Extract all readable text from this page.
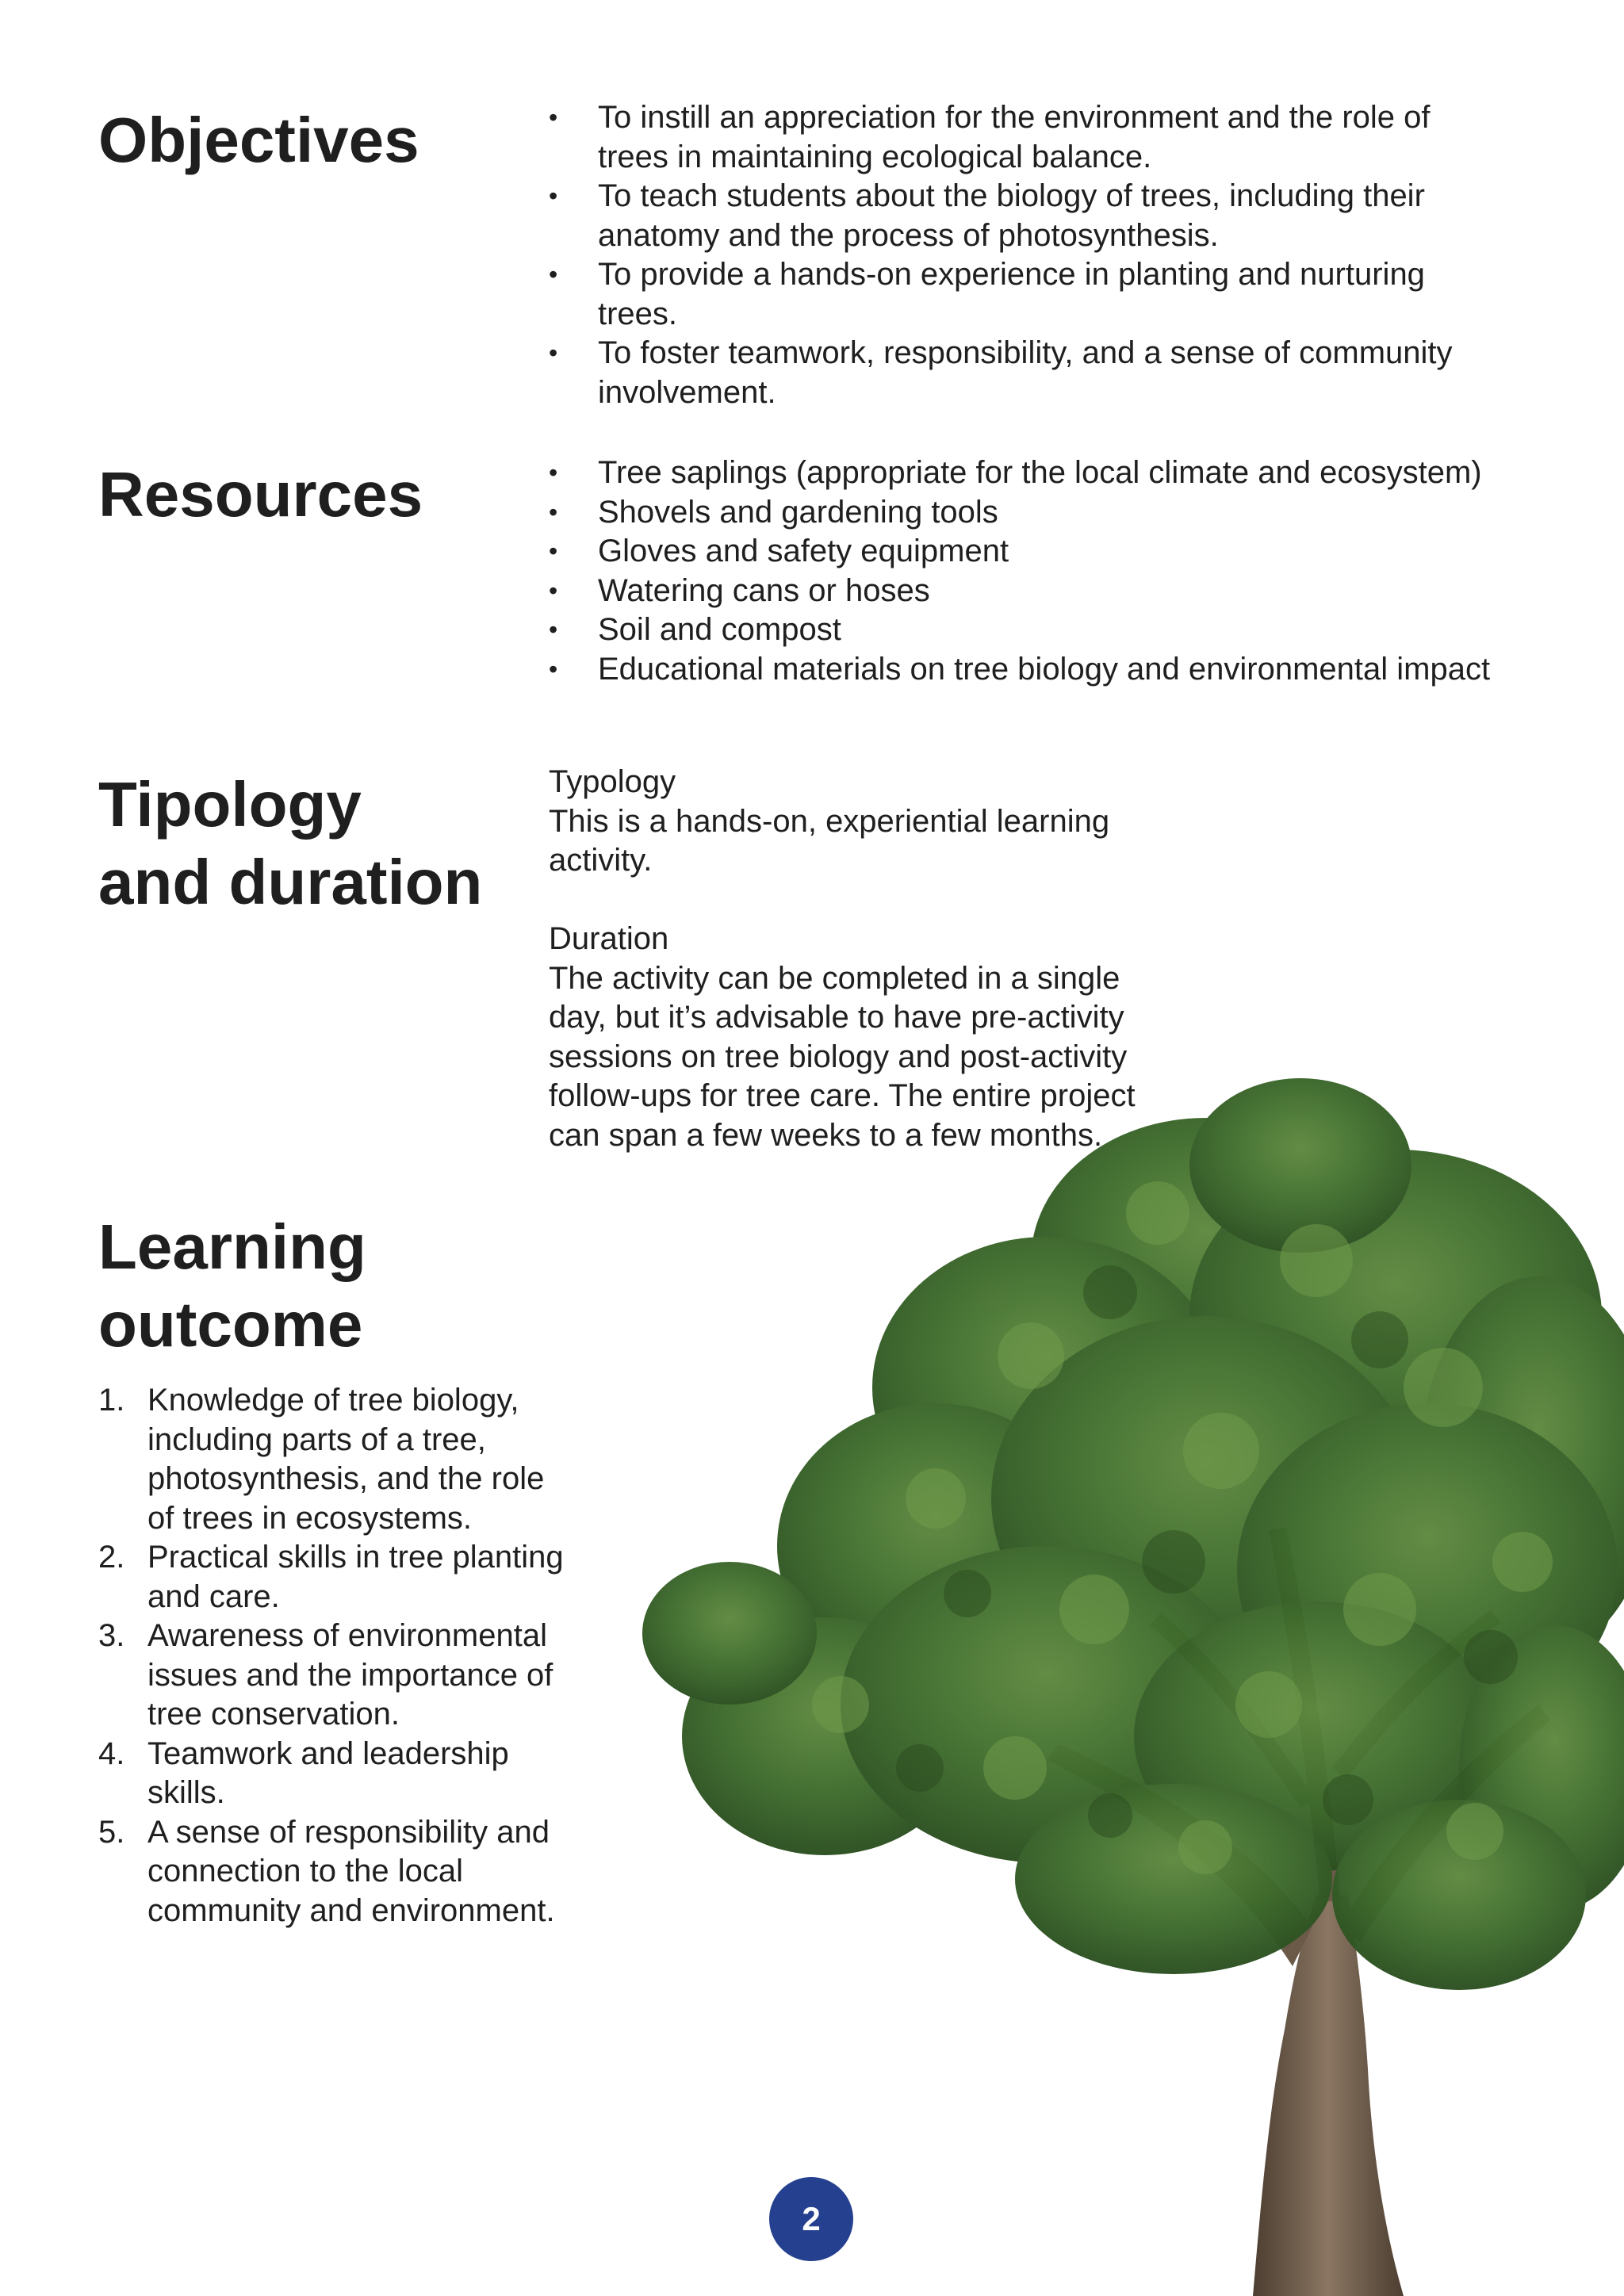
Objectives	• To instill an appreciation for the environment and the role of trees in maintaining ecological balance.
• To teach students about the biology of trees, including their anatomy and the process of photosynthesis.
• To provide a hands-on experience in planting and nurturing trees.
• To foster teamwork, responsibility, and a sense of community involvement.
Resources	• Tree saplings (appropriate for the local climate and ecosystem)
• Shovels and gardening tools
• Gloves and safety equipment
• Watering cans or hoses
• Soil and compost
• Educational materials on tree biology and environmental impact
Tipology
and duration

Typology

This is a hands-on, experiential learning activity.

Duration

The activity can be completed in a single day, but it’s advisable to have pre-activity sessions on tree biology and post-activity follow-ups for tree care. The entire project can span a few weeks to a few months.

Learning
outcome
1. Knowledge of tree biology, including parts of a tree, photosynthesis, and the role of trees in ecosystems.
2. Practical skills in tree planting and care.
3. Awareness of environmental issues and the importance of tree conservation.
4. Teamwork and leadership skills.
5. A sense of responsibility and connection to the local community and environment.
2
